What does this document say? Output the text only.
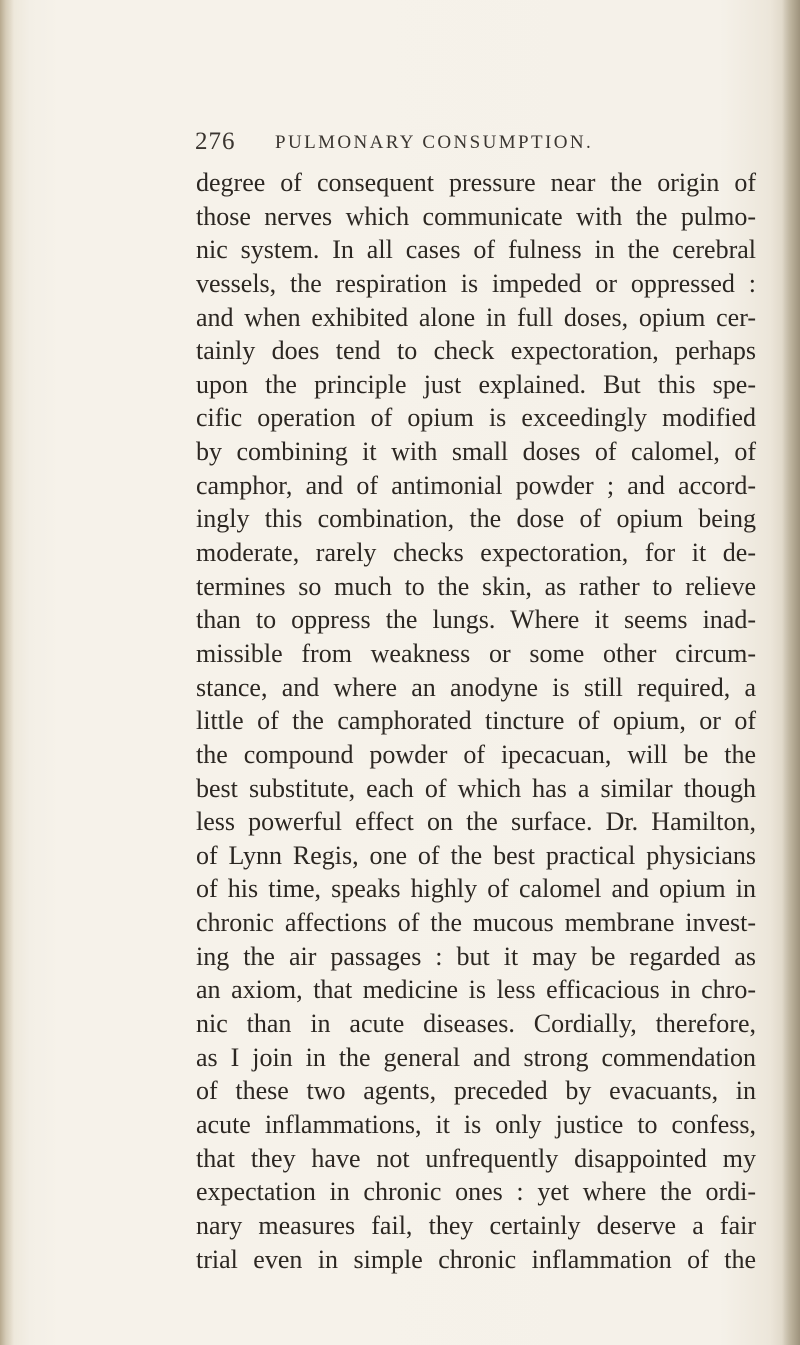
276 PULMONARY CONSUMPTION.
degree of consequent pressure near the origin of
those nerves which communicate with the pulmo-
nic system. In all cases of fulness in the cerebral
vessels, the respiration is impeded or oppressed :
and when exhibited alone in full doses, opium cer-
tainly does tend to check expectoration, perhaps
upon the principle just explained. But this spe-
cific operation of opium is exceedingly modified
by combining it with small doses of calomel, of
camphor, and of antimonial powder ; and accord-
ingly this combination, the dose of opium being
moderate, rarely checks expectoration, for it de-
termines so much to the skin, as rather to relieve
than to oppress the lungs. Where it seems inad-
missible from weakness or some other circum-
stance, and where an anodyne is still required, a
little of the camphorated tincture of opium, or of
the compound powder of ipecacuan, will be the
best substitute, each of which has a similar though
less powerful effect on the surface. Dr. Hamilton,
of Lynn Regis, one of the best practical physicians
of his time, speaks highly of calomel and opium in
chronic affections of the mucous membrane invest-
ing the air passages : but it may be regarded as
an axiom, that medicine is less efficacious in chro-
nic than in acute diseases. Cordially, therefore,
as I join in the general and strong commendation
of these two agents, preceded by evacuants, in
acute inflammations, it is only justice to confess,
that they have not unfrequently disappointed my
expectation in chronic ones : yet where the ordi-
nary measures fail, they certainly deserve a fair
trial even in simple chronic inflammation of the
